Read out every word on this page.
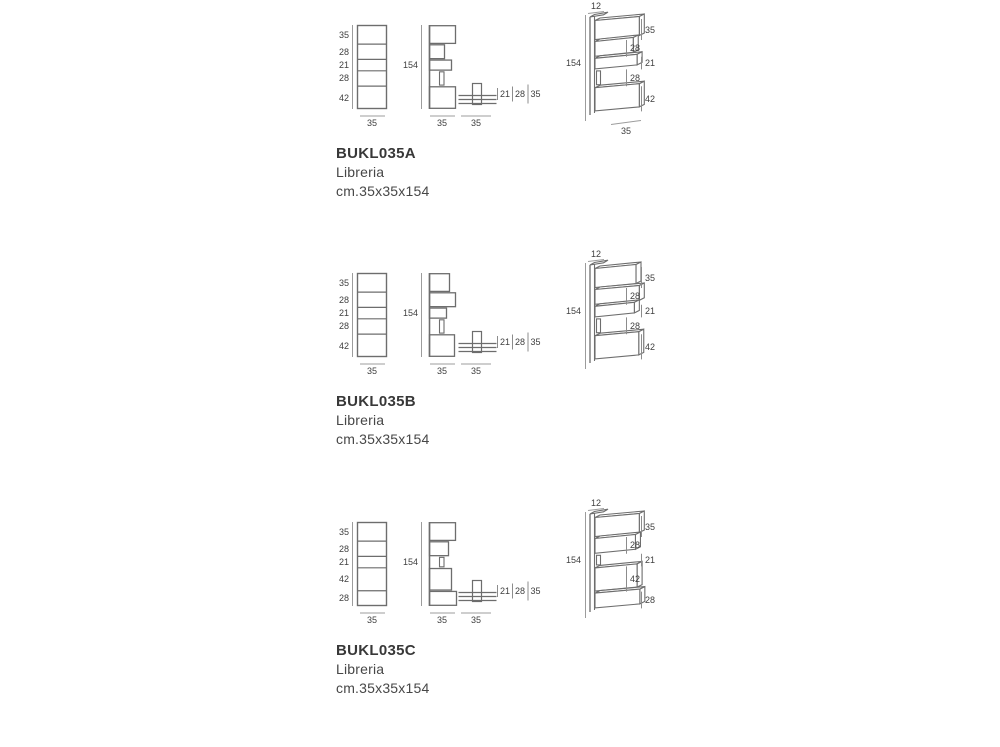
35
28
21
28
42
35
154
35
21 28 35
35
12
154
35
28
21
28
42
35
BUKL035A
Libreria
cm.35x35x154
35
28
21
28
42
35
154
35
21 28 35
35
12
154
35
28
21
28
42
BUKL035B
Libreria
cm.35x35x154
35
28
21
42
28
35
154
35
21 28 35
35
12
154
35
28
21
42
28
BUKL035C
Libreria
cm.35x35x154
